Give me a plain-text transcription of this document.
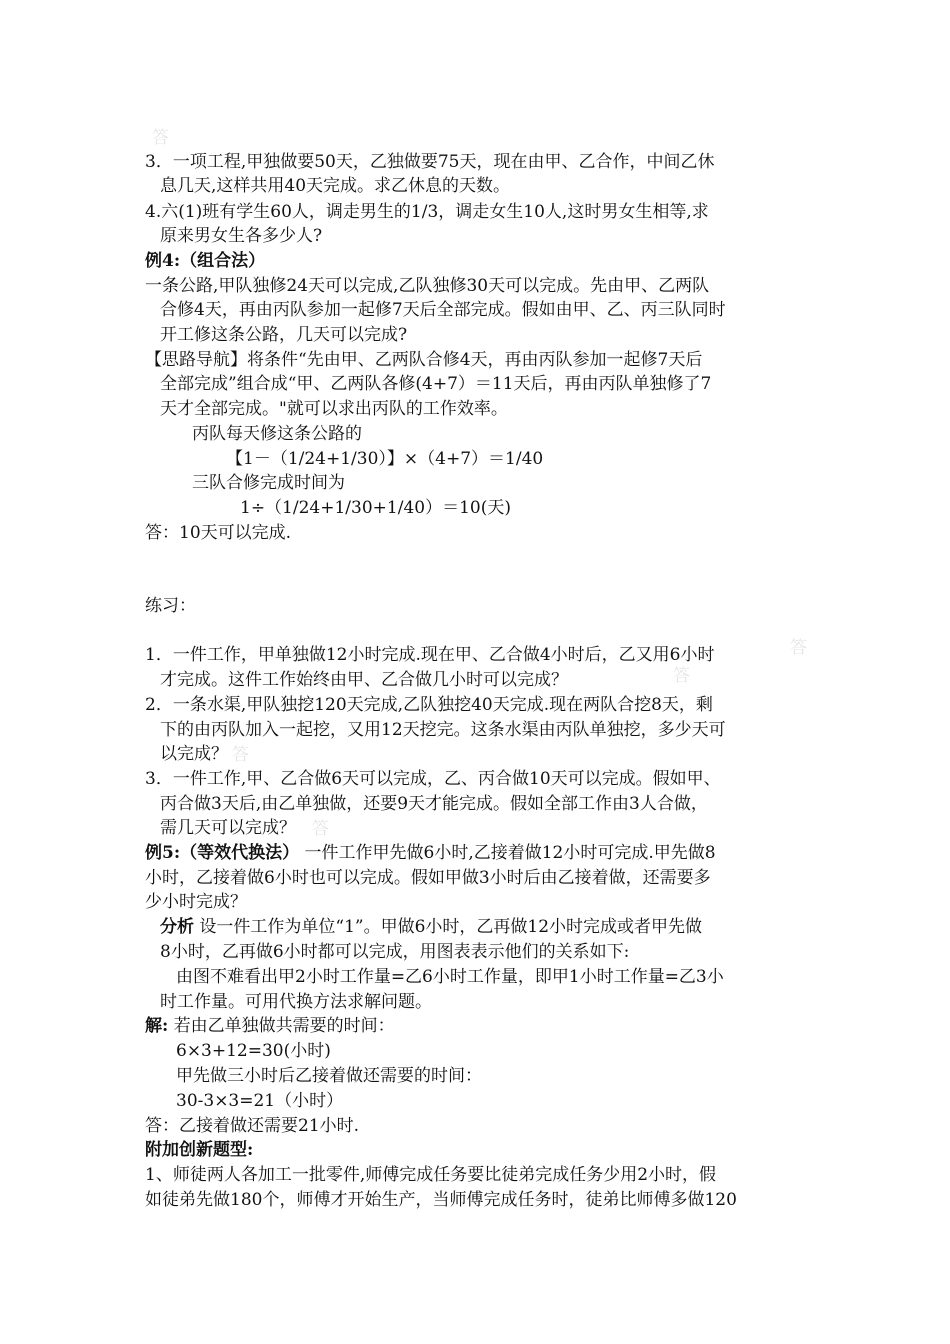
答
答
答
答
答
3．一项工程,甲独做要50天，乙独做要75天，现在由甲、乙合作，中间乙休
息几天,这样共用40天完成。求乙休息的天数。
4.六(1)班有学生60人，调走男生的1/3，调走女生10人,这时男女生相等,求
原来男女生各多少人?
例4:（组合法）
一条公路,甲队独修24天可以完成,乙队独修30天可以完成。先由甲、乙两队
合修4天，再由丙队参加一起修7天后全部完成。假如由甲、乙、丙三队同时
开工修这条公路，几天可以完成?
【思路导航】将条件“先由甲、乙两队合修4天，再由丙队参加一起修7天后
全部完成”组合成“甲、乙两队各修(4+7）＝11天后，再由丙队单独修了7
天才全部完成。"就可以求出丙队的工作效率。
丙队每天修这条公路的
【1－（1/24+1/30）】×（4+7）＝1/40
三队合修完成时间为
1÷（1/24+1/30+1/40）＝10(天)
答：10天可以完成.
练习：
1．一件工作，甲单独做12小时完成.现在甲、乙合做4小时后，乙又用6小时
才完成。这件工作始终由甲、乙合做几小时可以完成？
2．一条水渠,甲队独挖120天完成,乙队独挖40天完成.现在两队合挖8天，剩
下的由丙队加入一起挖，又用12天挖完。这条水渠由丙队单独挖，多少天可
以完成？
3．一件工作,甲、乙合做6天可以完成，乙、丙合做10天可以完成。假如甲、
丙合做3天后,由乙单独做，还要9天才能完成。假如全部工作由3人合做，
需几天可以完成？
例5:（等效代换法） 一件工作甲先做6小时,乙接着做12小时可完成.甲先做8
小时，乙接着做6小时也可以完成。假如甲做3小时后由乙接着做，还需要多
少小时完成？
分析 设一件工作为单位“1”。甲做6小时，乙再做12小时完成或者甲先做
8小时，乙再做6小时都可以完成，用图表表示他们的关系如下:
由图不难看出甲2小时工作量=乙6小时工作量，即甲1小时工作量=乙3小
时工作量。可用代换方法求解问题。
解: 若由乙单独做共需要的时间：
6×3+12=30(小时)
甲先做三小时后乙接着做还需要的时间：
30-3×3=21（小时）
答：乙接着做还需要21小时.
附加创新题型:
1、师徒两人各加工一批零件,师傅完成任务要比徒弟完成任务少用2小时，假
如徒弟先做180个，师傅才开始生产，当师傅完成任务时，徒弟比师傅多做120
